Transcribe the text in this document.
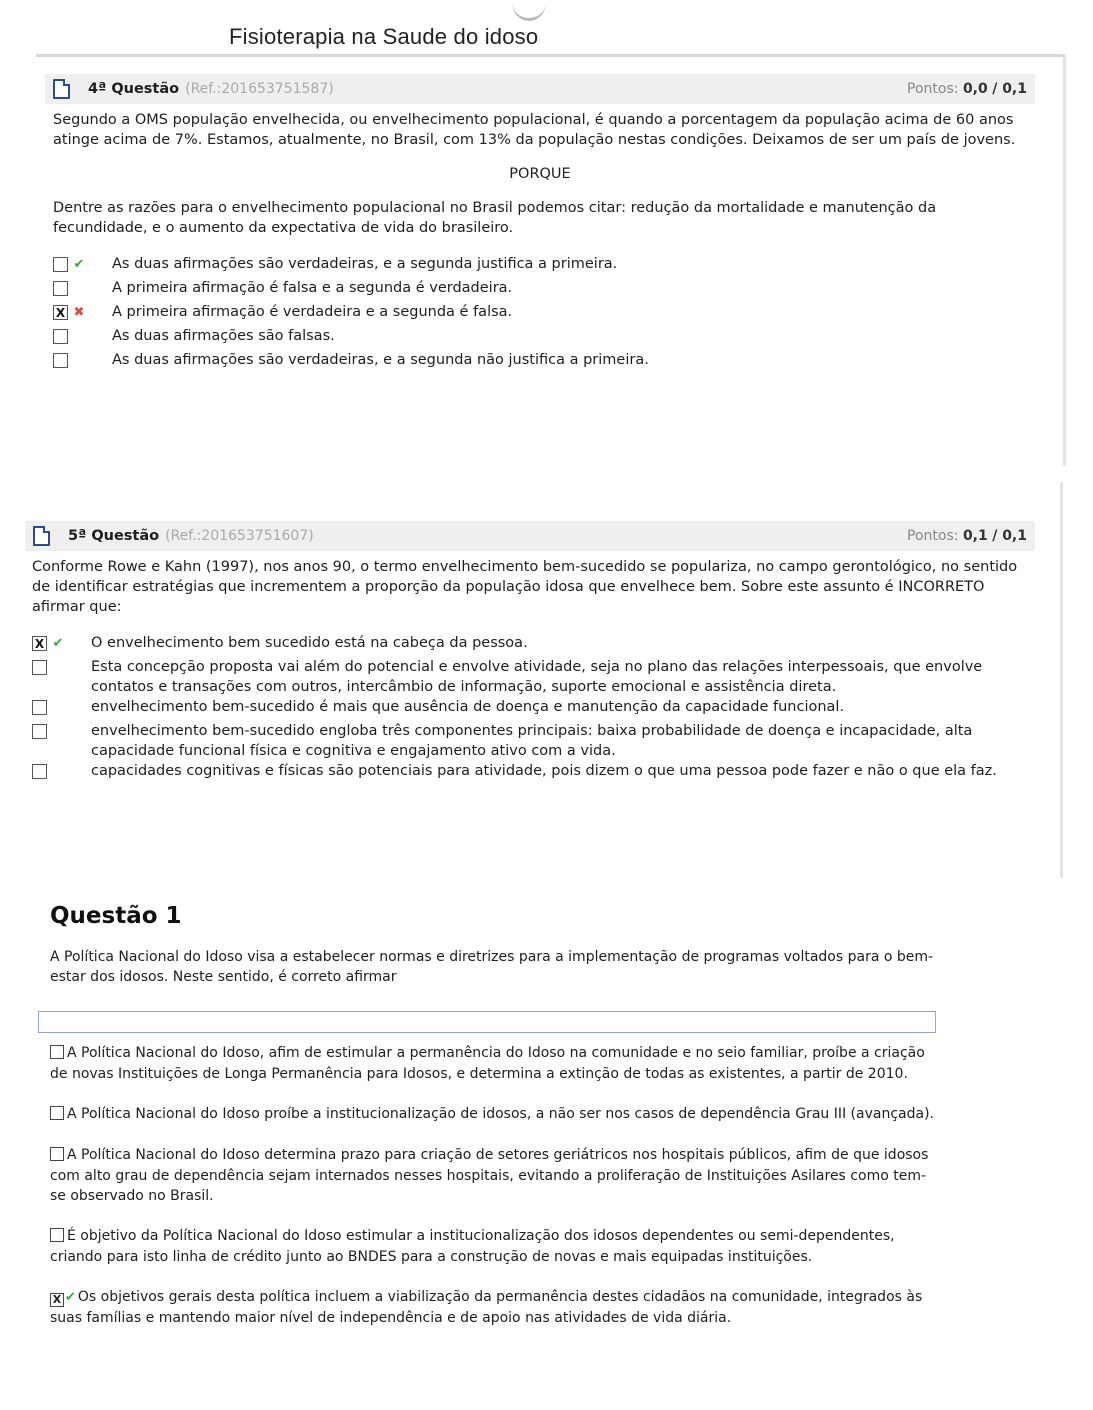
Fisioterapia na Saude do idoso
4ª Questão (Ref.:201653751587)	Pontos: 0,0 / 0,1
Segundo a OMS população envelhecida, ou envelhecimento populacional, é quando a porcentagem da população acima de 60 anos atinge acima de 7%. Estamos, atualmente, no Brasil, com 13% da população nestas condições. Deixamos de ser um país de jovens.
PORQUE
Dentre as razões para o envelhecimento populacional no Brasil podemos citar: redução da mortalidade e manutenção da fecundidade, e o aumento da expectativa de vida do brasileiro.
✔	As duas afirmações são verdadeiras, e a segunda justifica a primeira.
A primeira afirmação é falsa e a segunda é verdadeira.
X ✖	A primeira afirmação é verdadeira e a segunda é falsa.
As duas afirmações são falsas.
As duas afirmações são verdadeiras, e a segunda não justifica a primeira.
5ª Questão (Ref.:201653751607)	Pontos: 0,1 / 0,1
Conforme Rowe e Kahn (1997), nos anos 90, o termo envelhecimento bem-sucedido se populariza, no campo gerontológico, no sentido de identificar estratégias que incrementem a proporção da população idosa que envelhece bem. Sobre este assunto é INCORRETO afirmar que:
X ✔	O envelhecimento bem sucedido está na cabeça da pessoa.
Esta concepção proposta vai além do potencial e envolve atividade, seja no plano das relações interpessoais, que envolve contatos e transações com outros, intercâmbio de informação, suporte emocional e assistência direta.
envelhecimento bem-sucedido é mais que ausência de doença e manutenção da capacidade funcional.
envelhecimento bem-sucedido engloba três componentes principais: baixa probabilidade de doença e incapacidade, alta capacidade funcional física e cognitiva e engajamento ativo com a vida.
capacidades cognitivas e físicas são potenciais para atividade, pois dizem o que uma pessoa pode fazer e não o que ela faz.
Questão 1
A Política Nacional do Idoso visa a estabelecer normas e diretrizes para a implementação de programas voltados para o bem-estar dos idosos. Neste sentido, é correto afirmar
A Política Nacional do Idoso, afim de estimular a permanência do Idoso na comunidade e no seio familiar, proíbe a criação de novas Instituições de Longa Permanência para Idosos, e determina a extinção de todas as existentes, a partir de 2010.
A Política Nacional do Idoso proíbe a institucionalização de idosos, a não ser nos casos de dependência Grau III (avançada).
A Política Nacional do Idoso determina prazo para criação de setores geriátricos nos hospitais públicos, afim de que idosos com alto grau de dependência sejam internados nesses hospitais, evitando a proliferação de Instituições Asilares como tem-se observado no Brasil.
É objetivo da Política Nacional do Idoso estimular a institucionalização dos idosos dependentes ou semi-dependentes, criando para isto linha de crédito junto ao BNDES para a construção de novas e mais equipadas instituições.
X ✔ Os objetivos gerais desta política incluem a viabilização da permanência destes cidadãos na comunidade, integrados às suas famílias e mantendo maior nível de independência e de apoio nas atividades de vida diária.
